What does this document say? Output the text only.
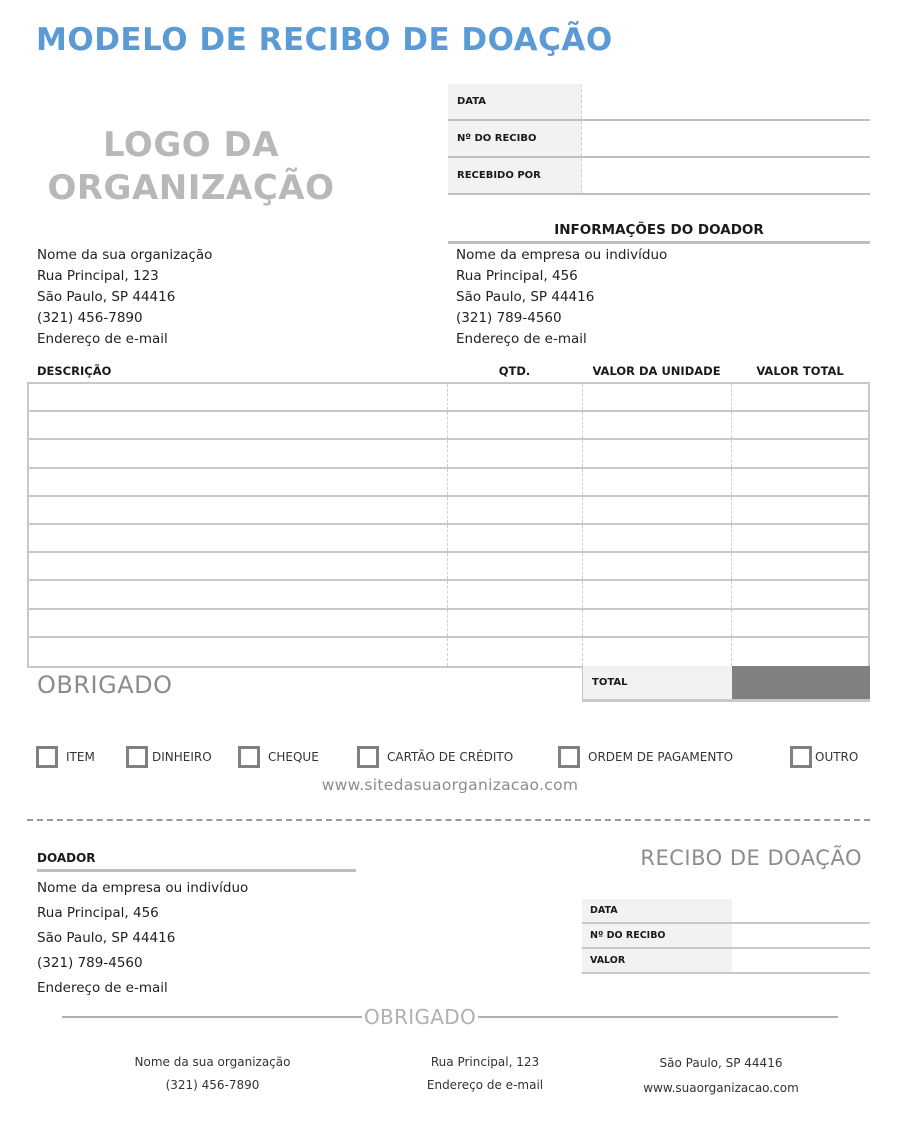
MODELO DE RECIBO DE DOAÇÃO
LOGO DA
ORGANIZAÇÃO
DATA
Nº DO RECIBO
RECEBIDO POR
INFORMAÇÕES DO DOADOR
Nome da sua organização
Rua Principal, 123
São Paulo, SP 44416
(321) 456-7890
Endereço de e-mail
Nome da empresa ou indivíduo
Rua Principal, 456
São Paulo, SP 44416
(321) 789-4560
Endereço de e-mail
DESCRIÇÃO	QTD.	VALOR DA UNIDADE	VALOR TOTAL
OBRIGADO	TOTAL
ITEM	DINHEIRO	CHEQUE	CARTÃO DE CRÉDITO	ORDEM DE PAGAMENTO	OUTRO
www.sitedasuaorganizacao.com
DOADOR
Nome da empresa ou indivíduo
Rua Principal, 456
São Paulo, SP 44416
(321) 789-4560
Endereço de e-mail
RECIBO DE DOAÇÃO
DATA
Nº DO RECIBO
VALOR
OBRIGADO
Nome da sua organização
(321) 456-7890
Rua Principal, 123
Endereço de e-mail
São Paulo, SP 44416
www.suaorganizacao.com
